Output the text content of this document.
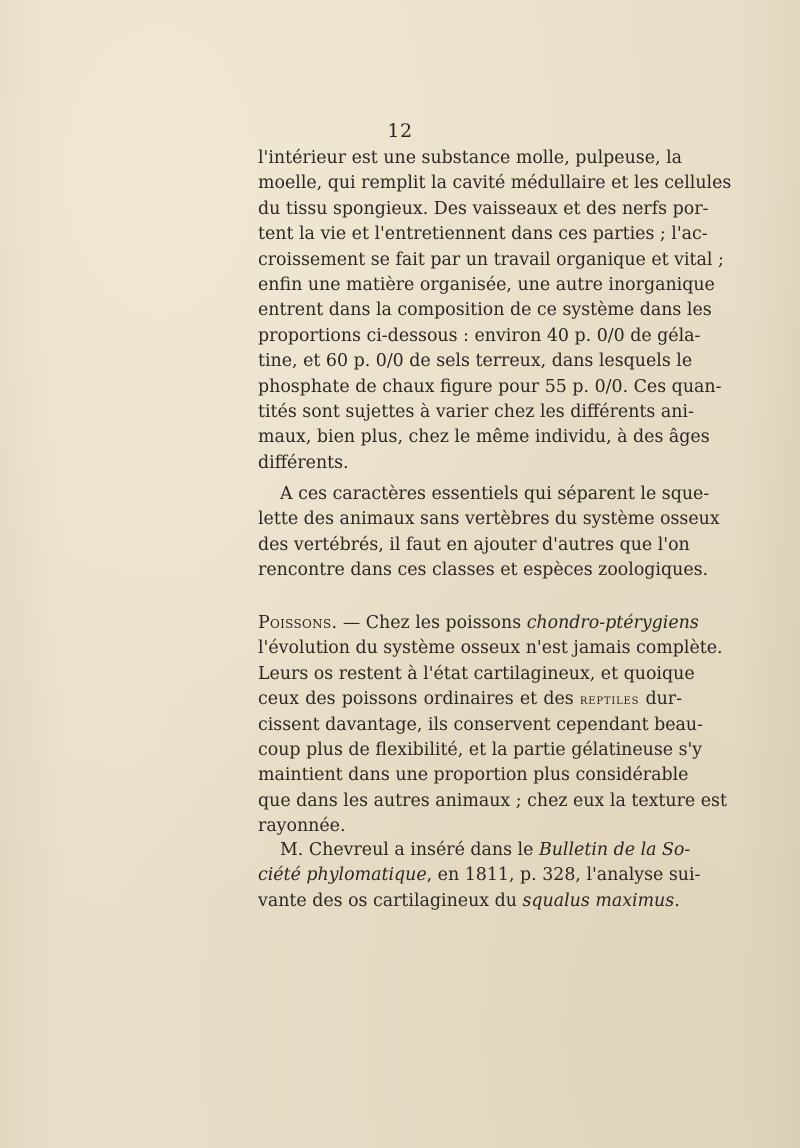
12
l'intérieur est une substance molle, pulpeuse, la
moelle, qui remplit la cavité médullaire et les cellules
du tissu spongieux. Des vaisseaux et des nerfs por-
tent la vie et l'entretiennent dans ces parties ; l'ac-
croissement se fait par un travail organique et vital ;
enfin une matière organisée, une autre inorganique
entrent dans la composition de ce système dans les
proportions ci-dessous : environ 40 p. 0/0 de géla-
tine, et 60 p. 0/0 de sels terreux, dans lesquels le
phosphate de chaux figure pour 55 p. 0/0. Ces quan-
tités sont sujettes à varier chez les différents ani-
maux, bien plus, chez le même individu, à des âges
différents.
A ces caractères essentiels qui séparent le sque-
lette des animaux sans vertèbres du système osseux
des vertébrés, il faut en ajouter d'autres que l'on
rencontre dans ces classes et espèces zoologiques.
Poissons. — Chez les poissons chondro-ptérygiens
l'évolution du système osseux n'est jamais complète.
Leurs os restent à l'état cartilagineux, et quoique
ceux des poissons ordinaires et des reptiles dur-
cissent davantage, ils conservent cependant beau-
coup plus de flexibilité, et la partie gélatineuse s'y
maintient dans une proportion plus considérable
que dans les autres animaux ; chez eux la texture est
rayonnée.
M. Chevreul a inséré dans le Bulletin de la So-
ciété phylomatique, en 1811, p. 328, l'analyse sui-
vante des os cartilagineux du squalus maximus.
